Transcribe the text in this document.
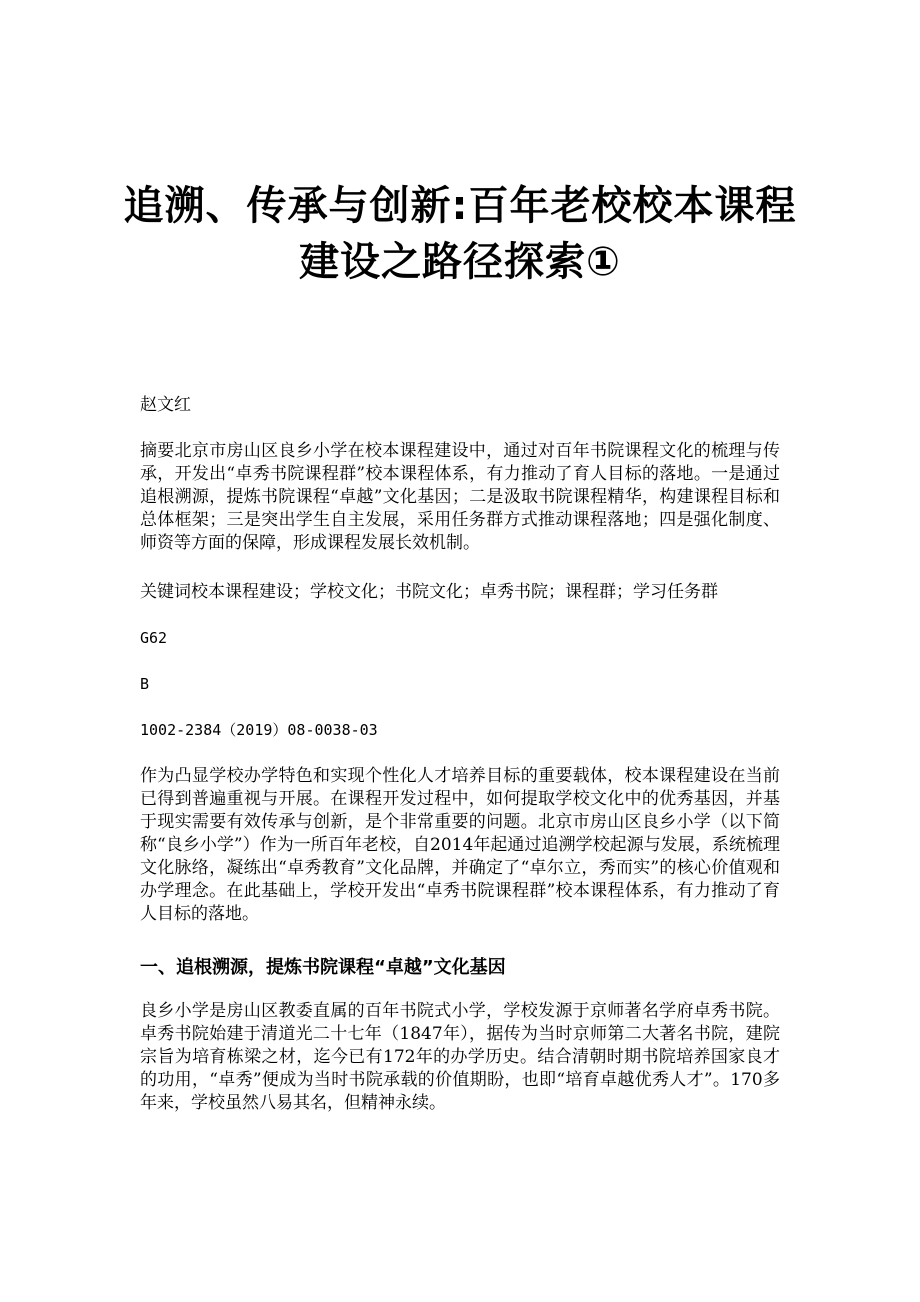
追溯、传承与创新:百年老校校本课程
建设之路径探索①

赵文红

摘要北京市房山区良乡小学在校本课程建设中，通过对百年书院课程文化的梳理与传承，开发出“卓秀书院课程群”校本课程体系，有力推动了育人目标的落地。一是通过追根溯源，提炼书院课程“卓越”文化基因；二是汲取书院课程精华，构建课程目标和总体框架；三是突出学生自主发展，采用任务群方式推动课程落地；四是强化制度、师资等方面的保障，形成课程发展长效机制。

关键词校本课程建设；学校文化；书院文化；卓秀书院；课程群；学习任务群

G62

B

1002-2384（2019）08-0038-03

作为凸显学校办学特色和实现个性化人才培养目标的重要载体，校本课程建设在当前已得到普遍重视与开展。在课程开发过程中，如何提取学校文化中的优秀基因，并基于现实需要有效传承与创新，是个非常重要的问题。北京市房山区良乡小学（以下简称“良乡小学”）作为一所百年老校，自2014年起通过追溯学校起源与发展，系统梳理文化脉络，凝练出“卓秀教育”文化品牌，并确定了“卓尔立，秀而实”的核心价值观和办学理念。在此基础上，学校开发出“卓秀书院课程群”校本课程体系，有力推动了育人目标的落地。

一、追根溯源，提炼书院课程“卓越”文化基因

良乡小学是房山区教委直属的百年书院式小学，学校发源于京师著名学府卓秀书院。卓秀书院始建于清道光二十七年（1847年），据传为当时京师第二大著名书院，建院宗旨为培育栋梁之材，迄今已有172年的办学历史。结合清朝时期书院培养国家良才的功用，“卓秀”便成为当时书院承载的价值期盼，也即“培育卓越优秀人才”。170多年来，学校虽然八易其名，但精神永续。
